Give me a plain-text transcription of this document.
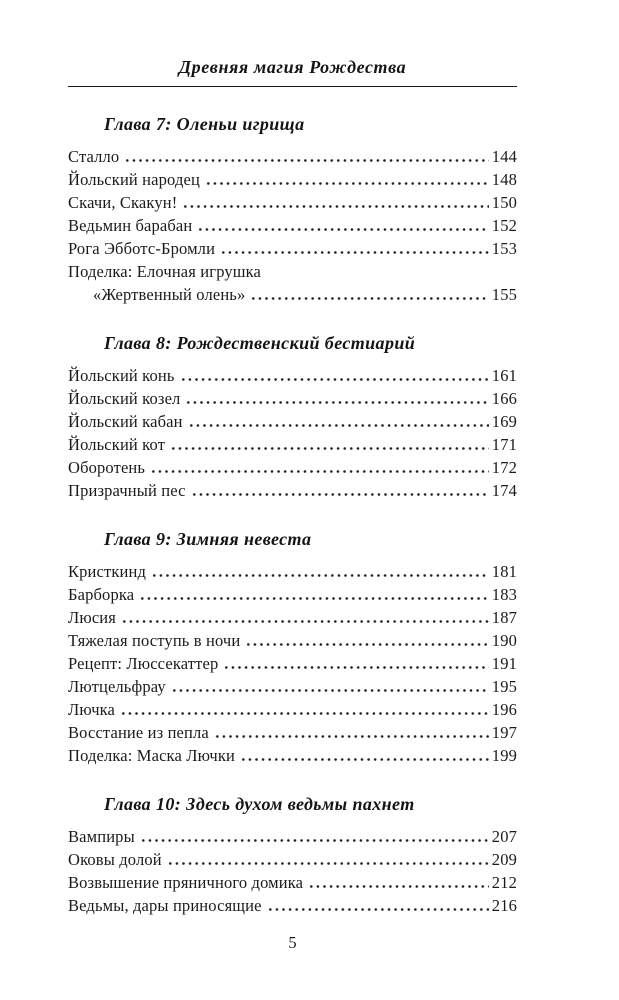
Древняя магия Рождества
Глава 7: Оленьи игрища
Сталло	144
Йольский народец	148
Скачи, Скакун!	150
Ведьмин барабан	152
Рога Эбботс-Бромли	153
Поделка: Елочная игрушка
«Жертвенный олень»	155
Глава 8: Рождественский бестиарий
Йольский конь	161
Йольский козел	166
Йольский кабан	169
Йольский кот	171
Оборотень	172
Призрачный пес	174
Глава 9: Зимняя невеста
Кристкинд	181
Барборка	183
Люсия	187
Тяжелая поступь в ночи	190
Рецепт: Люссекаттер	191
Лютцельфрау	195
Лючка	196
Восстание из пепла	197
Поделка: Маска Лючки	199
Глава 10: Здесь духом ведьмы пахнет
Вампиры	207
Оковы долой	209
Возвышение пряничного домика	212
Ведьмы, дары приносящие	216
5
